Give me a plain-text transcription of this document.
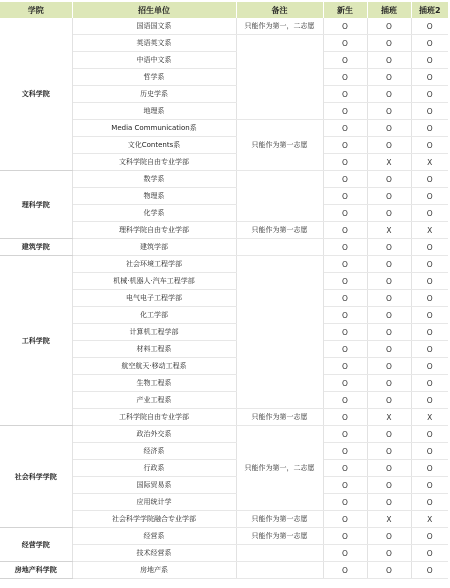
学院	招生单位	备注	新生	插班	插班2
文科学院	国语国文系	只能作为第一，二志愿	O	O	O
	英语英文系		O	O	O
	中语中文系		O	O	O
	哲学系		O	O	O
	历史学系		O	O	O
	地理系		O	O	O
	Media Communication系	只能作为第一志愿	O	O	O
	文化Contents系		O	O	O
	文科学院自由专业学部		O	X	X
理科学院	数学系		O	O	O
	物理系		O	O	O
	化学系		O	O	O
	理科学院自由专业学部	只能作为第一志愿	O	X	X
建筑学院	建筑学部		O	O	O
工科学院	社会环境工程学部		O	O	O
	机械·机器人·汽车工程学部		O	O	O
	电气电子工程学部		O	O	O
	化工学部		O	O	O
	计算机工程学部		O	O	O
	材料工程系		O	O	O
	航空航天·移动工程系		O	O	O
	生物工程系		O	O	O
	产业工程系		O	O	O
	工科学院自由专业学部	只能作为第一志愿	O	X	X
社会科学学院	政治外交系	只能作为第一，二志愿	O	O	O
	经济系		O	O	O
	行政系		O	O	O
	国际贸易系		O	O	O
	应用统计学		O	O	O
	社会科学学院融合专业学部	只能作为第一志愿	O	X	X
经营学院	经营系	只能作为第一志愿	O	O	O
	技术经营系		O	O	O
房地产科学院	房地产系		O	O	O
